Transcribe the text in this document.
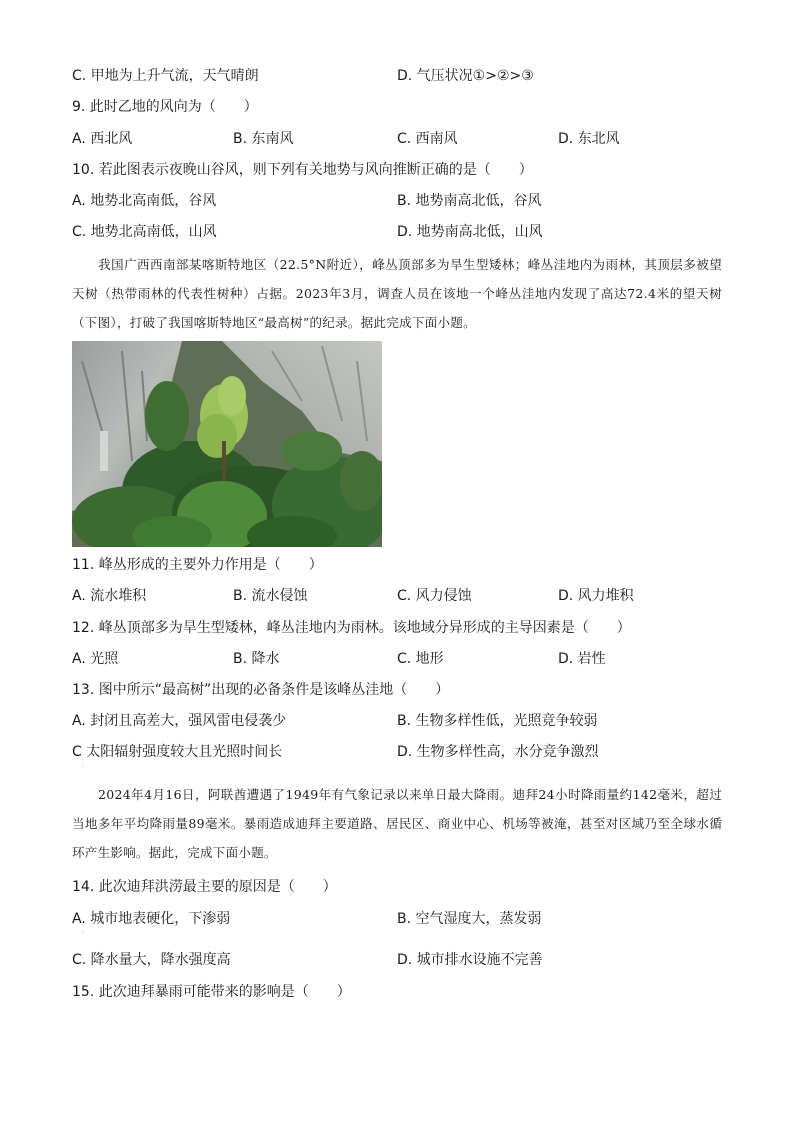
C. 甲地为上升气流，天气晴朗	D. 气压状况①>②>③
9. 此时乙地的风向为（　　）
A. 西北风	B. 东南风	C. 西南风	D. 东北风
10. 若此图表示夜晚山谷风，则下列有关地势与风向推断正确的是（　　）
A. 地势北高南低，谷风	B. 地势南高北低，谷风
C. 地势北高南低，山风	D. 地势南高北低，山风
我国广西西南部某喀斯特地区（22.5°N附近），峰丛顶部多为旱生型矮林；峰丛洼地内为雨林，其顶层多被望天树（热带雨林的代表性树种）占据。2023年3月，调查人员在该地一个峰丛洼地内发现了高达72.4米的望天树（下图），打破了我国喀斯特地区“最高树”的纪录。据此完成下面小题。
11. 峰丛形成的主要外力作用是（　　）
A. 流水堆积	B. 流水侵蚀	C. 风力侵蚀	D. 风力堆积
12. 峰丛顶部多为旱生型矮林，峰丛洼地内为雨林。该地域分异形成的主导因素是（　　）
A. 光照	B. 降水	C. 地形	D. 岩性
13. 图中所示“最高树”出现的必备条件是该峰丛洼地（　　）
A. 封闭且高差大，强风雷电侵袭少	B. 生物多样性低，光照竞争较弱
C 太阳辐射强度较大且光照时间长	D. 生物多样性高，水分竞争激烈
·
2024年4月16日，阿联酋遭遇了1949年有气象记录以来单日最大降雨。迪拜24小时降雨量约142毫米，超过当地多年平均降雨量89毫米。暴雨造成迪拜主要道路、居民区、商业中心、机场等被淹，甚至对区域乃至全球水循环产生影响。据此，完成下面小题。
14. 此次迪拜洪涝最主要的原因是（　　）
A. 城市地表硬化，下渗弱	B. 空气湿度大，蒸发弱
·
C. 降水量大，降水强度高	D. 城市排水设施不完善
15. 此次迪拜暴雨可能带来的影响是（　　）
